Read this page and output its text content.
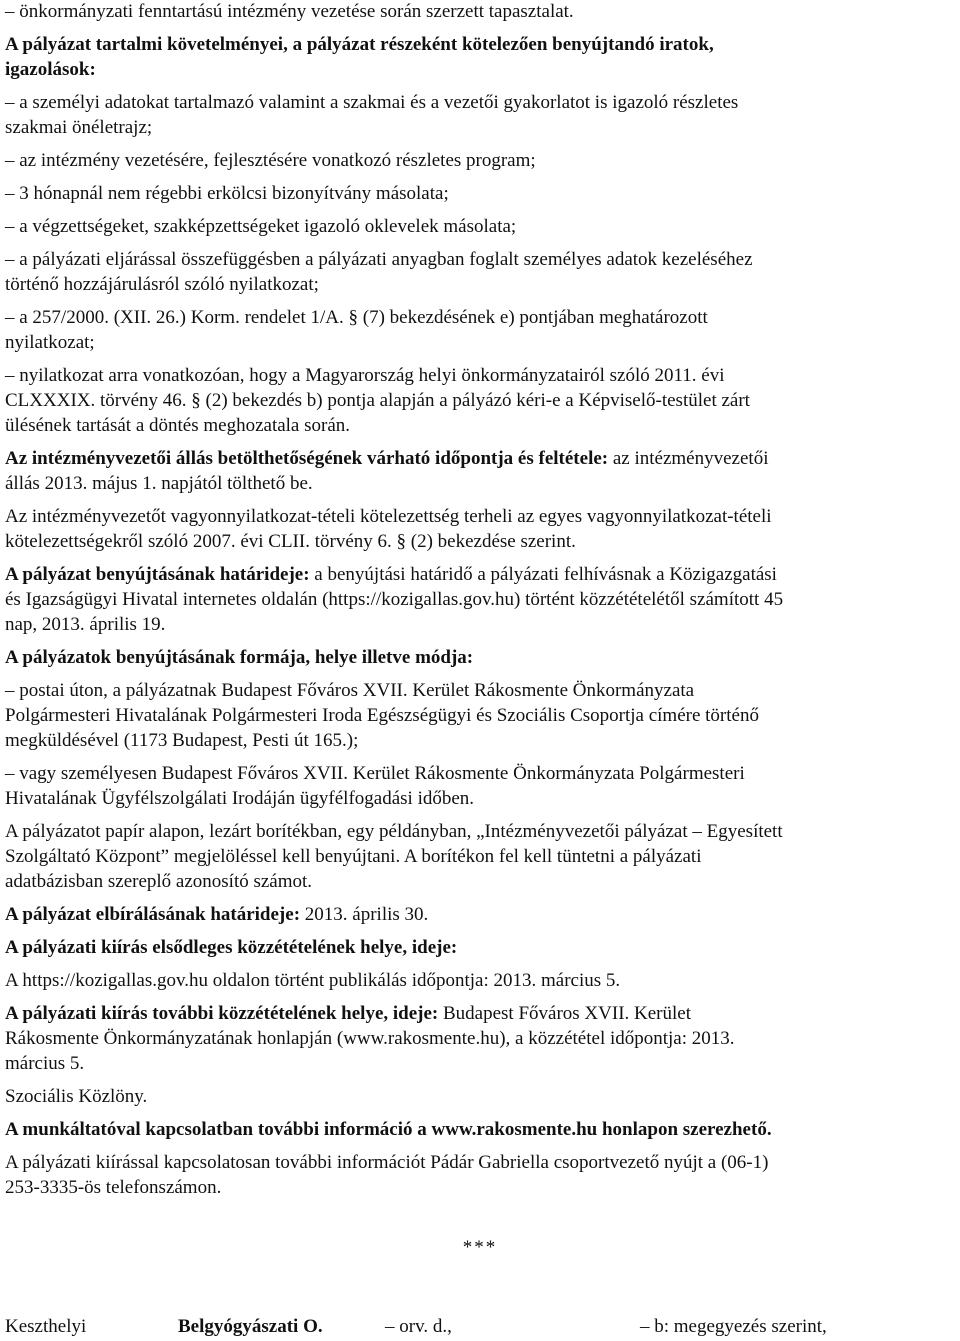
– önkormányzati fenntartású intézmény vezetése során szerzett tapasztalat.
A pályázat tartalmi követelményei, a pályázat részeként kötelezően benyújtandó iratok,
igazolások:
– a személyi adatokat tartalmazó valamint a szakmai és a vezetői gyakorlatot is igazoló részletes
szakmai önéletrajz;
– az intézmény vezetésére, fejlesztésére vonatkozó részletes program;
– 3 hónapnál nem régebbi erkölcsi bizonyítvány másolata;
– a végzettségeket, szakképzettségeket igazoló oklevelek másolata;
– a pályázati eljárással összefüggésben a pályázati anyagban foglalt személyes adatok kezeléséhez
történő hozzájárulásról szóló nyilatkozat;
– a 257/2000. (XII. 26.) Korm. rendelet 1/A. § (7) bekezdésének e) pontjában meghatározott
nyilatkozat;
– nyilatkozat arra vonatkozóan, hogy a Magyarország helyi önkormányzatairól szóló 2011. évi
CLXXXIX. törvény 46. § (2) bekezdés b) pontja alapján a pályázó kéri-e a Képviselő-testület zárt
ülésének tartását a döntés meghozatala során.
Az intézményvezetői állás betölthetőségének várható időpontja és feltétele: az intézményvezetői
állás 2013. május 1. napjától tölthető be.
Az intézményvezetőt vagyonnyilatkozat-tételi kötelezettség terheli az egyes vagyonnyilatkozat-tételi
kötelezettségekről szóló 2007. évi CLII. törvény 6. § (2) bekezdése szerint.
A pályázat benyújtásának határideje: a benyújtási határidő a pályázati felhívásnak a Közigazgatási
és Igazságügyi Hivatal internetes oldalán (https://kozigallas.gov.hu) történt közzétételétől számított 45
nap, 2013. április 19.
A pályázatok benyújtásának formája, helye illetve módja:
– postai úton, a pályázatnak Budapest Főváros XVII. Kerület Rákosmente Önkormányzata
Polgármesteri Hivatalának Polgármesteri Iroda Egészségügyi és Szociális Csoportja címére történő
megküldésével (1173 Budapest, Pesti út 165.);
– vagy személyesen Budapest Főváros XVII. Kerület Rákosmente Önkormányzata Polgármesteri
Hivatalának Ügyfélszolgálati Irodáján ügyfélfogadási időben.
A pályázatot papír alapon, lezárt borítékban, egy példányban, „Intézményvezetői pályázat – Egyesített
Szolgáltató Központ” megjelöléssel kell benyújtani. A borítékon fel kell tüntetni a pályázati
adatbázisban szereplő azonosító számot.
A pályázat elbírálásának határideje: 2013. április 30.
A pályázati kiírás elsődleges közzétételének helye, ideje:
A https://kozigallas.gov.hu oldalon történt publikálás időpontja: 2013. március 5.
A pályázati kiírás további közzétételének helye, ideje: Budapest Főváros XVII. Kerület
Rákosmente Önkormányzatának honlapján (www.rakosmente.hu), a közzététel időpontja: 2013.
március 5.
Szociális Közlöny.
A munkáltatóval kapcsolatban további információ a www.rakosmente.hu honlapon szerezhető.
A pályázati kiírással kapcsolatosan további információt Pádár Gabriella csoportvezető nyújt a (06-1)
253-3335-ös telefonszámon.
***
Keszthelyi	Belgyógyászati O.	– orv. d.,	– b: megegyezés szerint,
